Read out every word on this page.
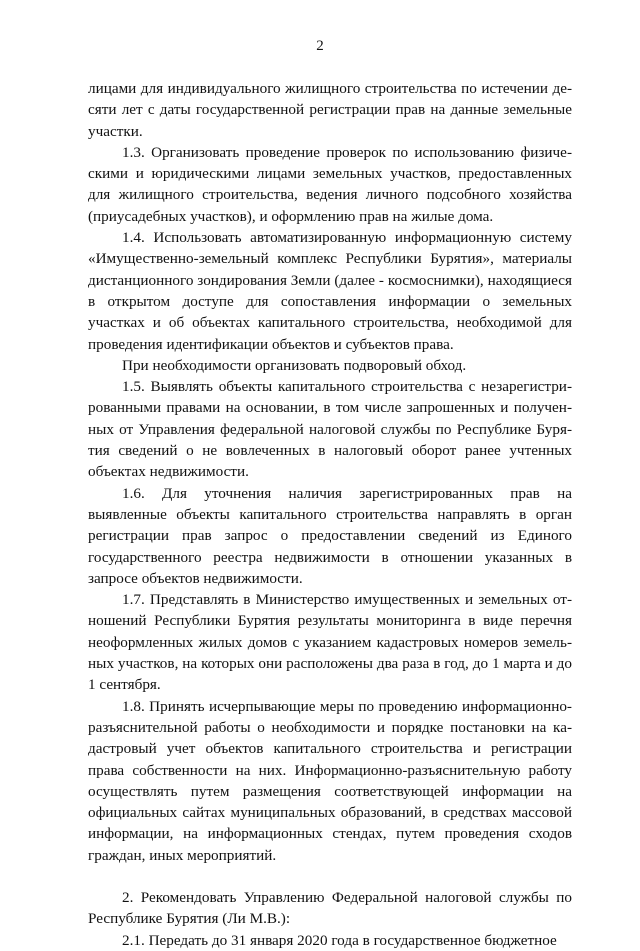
2

лицами для индивидуального жилищного строительства по истечении десяти лет с даты государственной регистрации прав на данные земельные участки.

1.3. Организовать проведение проверок по использованию физическими и юридическими лицами земельных участков, предоставленных для жилищного строительства, ведения личного подсобного хозяйства (приусадебных участков), и оформлению прав на жилые дома.

1.4. Использовать автоматизированную информационную систему «Имущественно-земельный комплекс Республики Бурятия», материалы дистанционного зондирования Земли (далее - космоснимки), находящиеся в открытом доступе для сопоставления информации о земельных участках и об объектах капитального строительства, необходимой для проведения идентификации объектов и субъектов права.

При необходимости организовать подворовый обход.

1.5. Выявлять объекты капитального строительства с незарегистрированными правами на основании, в том числе запрошенных и полученных от Управления федеральной налоговой службы по Республике Бурятия сведений о не вовлеченных в налоговый оборот ранее учтенных объектах недвижимости.

1.6. Для уточнения наличия зарегистрированных прав на выявленные объекты капитального строительства направлять в орган регистрации прав запрос о предоставлении сведений из Единого государственного реестра недвижимости в отношении указанных в запросе объектов недвижимости.

1.7. Представлять в Министерство имущественных и земельных отношений Республики Бурятия результаты мониторинга в виде перечня неоформленных жилых домов с указанием кадастровых номеров земельных участков, на которых они расположены два раза в год, до 1 марта и до 1 сентября.

1.8. Принять исчерпывающие меры по проведению информационно-разъяснительной работы о необходимости и порядке постановки на кадастровый учет объектов капитального строительства и регистрации права собственности на них. Информационно-разъяснительную работу осуществлять путем размещения соответствующей информации на официальных сайтах муниципальных образований, в средствах массовой информации, на информационных стендах, путем проведения сходов граждан, иных мероприятий.

2. Рекомендовать Управлению Федеральной налоговой службы по Республике Бурятия (Ли М.В.):

2.1. Передать до 31 января 2020 года в государственное бюджетное
